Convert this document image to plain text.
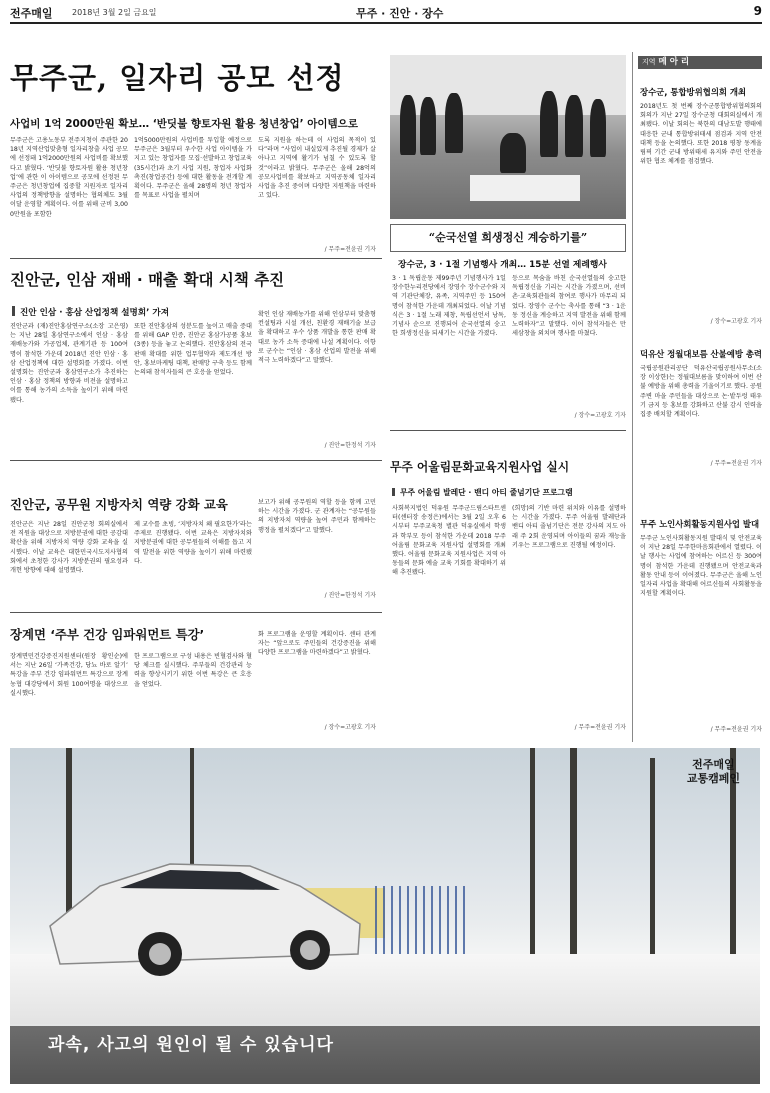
전주매일 2018년 3월 2일 금요일	무주 · 진안 · 장수	9
무주군, 일자리 공모 선정
사업비 1억 2000만원 확보… ‘반딧불 향토자원 활용 청년창업’ 아이템으로
무주군은 고용노동부 전주지청이 주관한 2018년 지역산업맞춤형 일자리창출 사업 공모에 선정돼 1억2000만원의 사업비를 확보했다고 밝혔다. ‘반딧불 향토자원 활용 청년창업’에 관한 이 아이템으로 공모에 선정된 무주군은 청년창업에 집중할 지원자로 일자리 사업의 정책방향을 설명하는 협의체도 3월 이달 운영할 계획이다. 이를 위해 군비 3,000만원을 포함한
1억5000만원의 사업비를 투입할 예정으로 무주군은 3월부터 우수한 사업 아이템을 가지고 있는 창업자를 모집·선발하고 창업교육(35시간)과 초기 사업 지원, 창업자 사업화 촉진(창업공간) 등에 대한 활동을 전개할 계획이다. 무주군은 올해 28명의 청년 창업자를 목표로 사업을 펼치며
도록 지원을 하는데 이 사업의 목적이 있다”라며 “사업이 내실있게 추진될 경제가 살아나고 지역에 활기가 넘칠 수 있도록 할 것”이라고 밝혔다. 무주군은 올해 28억의 공모사업비를 확보하고 지역공동체 일자리 사업을 추진 중이며 다양한 지원책을 마련하고 있다.
/ 무주=전윤권 기자
“순국선열 희생정신 계승하기를”
장수군, 3 · 1절 기념행사 개최… 15분 선열 제례행사
3 · 1 독립운동 제99주년 기념행사가 1일 장수한누리전당에서 장영수 장수군수와 지역 기관단체장, 유족, 지역주민 등 150여명이 참석한 가운데 개최되었다. 이날 기념식은 3 · 1절 노래 제창, 독립선언서 낭독, 기념사 순으로 진행되어 순국선열의 숭고한 희생정신을 되새기는 시간을 가졌다.
등으로 목숨을 바친 순국선열들의 숭고한 독립정신을 기리는 시간을 가졌으며, 선비촌·교육회관들의 참여로 행사가 마무리 되었다. 장영수 군수는 축사를 통해 “3 · 1운동 정신을 계승하고 지역 발전을 위해 함께 노력하자”고 말했다. 이어 참석자들은 만세삼창을 외치며 행사를 마쳤다.
/ 장수=고광호 기자
진안군, 인삼 재배 · 매출 확대 시책 추진
진안 인삼 · 홍삼 산업정책 설명회’ 가져
진안군과 (재)진안홍삼연구소(소장 고은영)는 지난 28일 홍삼연구소에서 인삼 · 홍삼 재배농가와 가공업체, 관계기관 등 100여 명이 참석한 가운데 2018년 진안 인삼 · 홍삼 산업정책에 대한 설명회를 가졌다. 이번 설명회는 진안군과 홍삼연구소가 추진하는 인삼 · 홍삼 정책의 방향과 비전을 설명하고 이를 통해 농가의 소득을 높이기 위해 마련됐다.
또한 진안홍삼의 성분도를 높이고 매출 증대를 위해 GAP 인증, 진안군 홍삼가공품 홍보(3종) 등을 놓고 논의했다. 진안홍삼의 전국 판매 확대를 위한 업무협약과 제도개선 방안, 홍보마케팅 대책, 판매망 구축 등도 함께 논의돼 참석자들의 큰 호응을 얻었다.
확인 인삼 재배농가를 위해 인삼부터 맞춤형 컨설팅과 시설 개선, 친환경 재배기술 보급을 확대하고 우수 상품 개발을 통한 판매 확대로 농가 소득 증대에 나설 계획이다. 이항로 군수는 “인삼 · 홍삼 산업의 발전을 위해 적극 노력하겠다”고 말했다.
/ 진안=한정석 기자
진안군, 공무원 지방자치 역량 강화 교육
진안군은 지난 28일 진안군청 회의실에서 전 직원을 대상으로 지방분권에 대한 공감대 확산을 위해 지방자치 역량 강화 교육을 실시했다. 이날 교육은 대한민국시도지사협의회에서 초청한 강사가 지방분권의 필요성과 개헌 방향에 대해 설명했다.
제 교수를 초빙, ‘지방자치 왜 필요한가’라는 주제로 진행됐다. 이번 교육은 지방자치와 지방분권에 대한 공무원들의 이해를 돕고 지역 발전을 위한 역량을 높이기 위해 마련됐다.
보고가 위해 공무원의 역할 등을 함께 고민하는 시간을 가졌다. 군 관계자는 “공무원들의 지방자치 역량을 높여 주민과 함께하는 행정을 펼치겠다”고 말했다.
/ 진안=한정석 기자
장계면 ‘주부 건강 임파워먼트 특강’
장계면민건강증진지원센터(원장 황인순)에서는 지난 26일 ‘가족건강, 당뇨 바로 알기’ 특강을 주부 건강 임파워먼트 특강으로 장계농협 대강당에서 회원 100여명을 대상으로 실시했다.
한 프로그램으로 구성 내용은 빈혈검사와 혈당 체크를 실시했다. 주부들의 건강관리 능력을 향상시키기 위한 이번 특강은 큰 호응을 얻었다.
화 프로그램을 운영할 계획이다. 센터 관계자는 “앞으로도 주민들의 건강증진을 위해 다양한 프로그램을 마련하겠다”고 밝혔다.
/ 장수=고광호 기자
무주 어울림문화교육지원사업 실시
무주 어울림 발레단 · 밴디 아티 줄넘기단 프로그램
사회복지법인 덕유원 무주군드림스타트센터(센터장 송정은)에서는 3월 2일 오후 6시부터 무주교육청 별관 덕유실에서 학생과 학부모 등이 참석한 가운데 2018 무주 어울림 문화교육 지원사업 설명회를 개최했다. 어울림 문화교육 지원사업은 지역 아동들의 문화 예술 교육 기회를 확대하기 위해 추진됐다.
(희망)의 기반 마련 위치와 이유를 설명하는 시간을 가졌다. 무주 어울림 발레단과 밴디 아티 줄넘기단은 전문 강사의 지도 아래 주 2회 운영되며 아이들의 꿈과 재능을 키우는 프로그램으로 진행될 예정이다.
/ 무주=전윤권 기자
지역 메 아 리
장수군, 통합방위협의회 개최
2018년도 첫 번째 장수군통합방위협의회의 회의가 지난 27일 장수군청 대회의실에서 개최됐다. 이날 회의는 북한의 대남도발 행태에 대응한 군내 통합방위태세 점검과 지역 안전 대책 등을 논의했다. 또한 2018 평창 동계올림픽 기간 군내 방위태세 유지와 주민 안전을 위한 협조 체계를 점검했다.
/ 장수=고광호 기자
덕유산 정월대보름 산불예방 총력
국립공원관리공단 덕유산국립공원사무소(소장 이상한)는 정월대보름을 맞이하여 이번 산불 예방을 위해 총력을 기울이기로 했다. 공원 주변 마을 주민들을 대상으로 논·밭두렁 태우기 금지 등 홍보를 강화하고 산불 감시 인력을 집중 배치할 계획이다.
/ 무주=전윤권 기자
무주 노인사회활동지원사업 발대
무주군 노인사회활동지원 발대식 및 안전교육이 지난 28일 무주한마음회관에서 열렸다. 이날 행사는 사업에 참여하는 어르신 등 300여 명이 참석한 가운데 진행됐으며 안전교육과 활동 안내 등이 이어졌다. 무주군은 올해 노인 일자리 사업을 확대해 어르신들의 사회활동을 지원할 계획이다.
/ 무주=전윤권 기자
전주매일
교통캠페인
과속, 사고의 원인이 될 수 있습니다
